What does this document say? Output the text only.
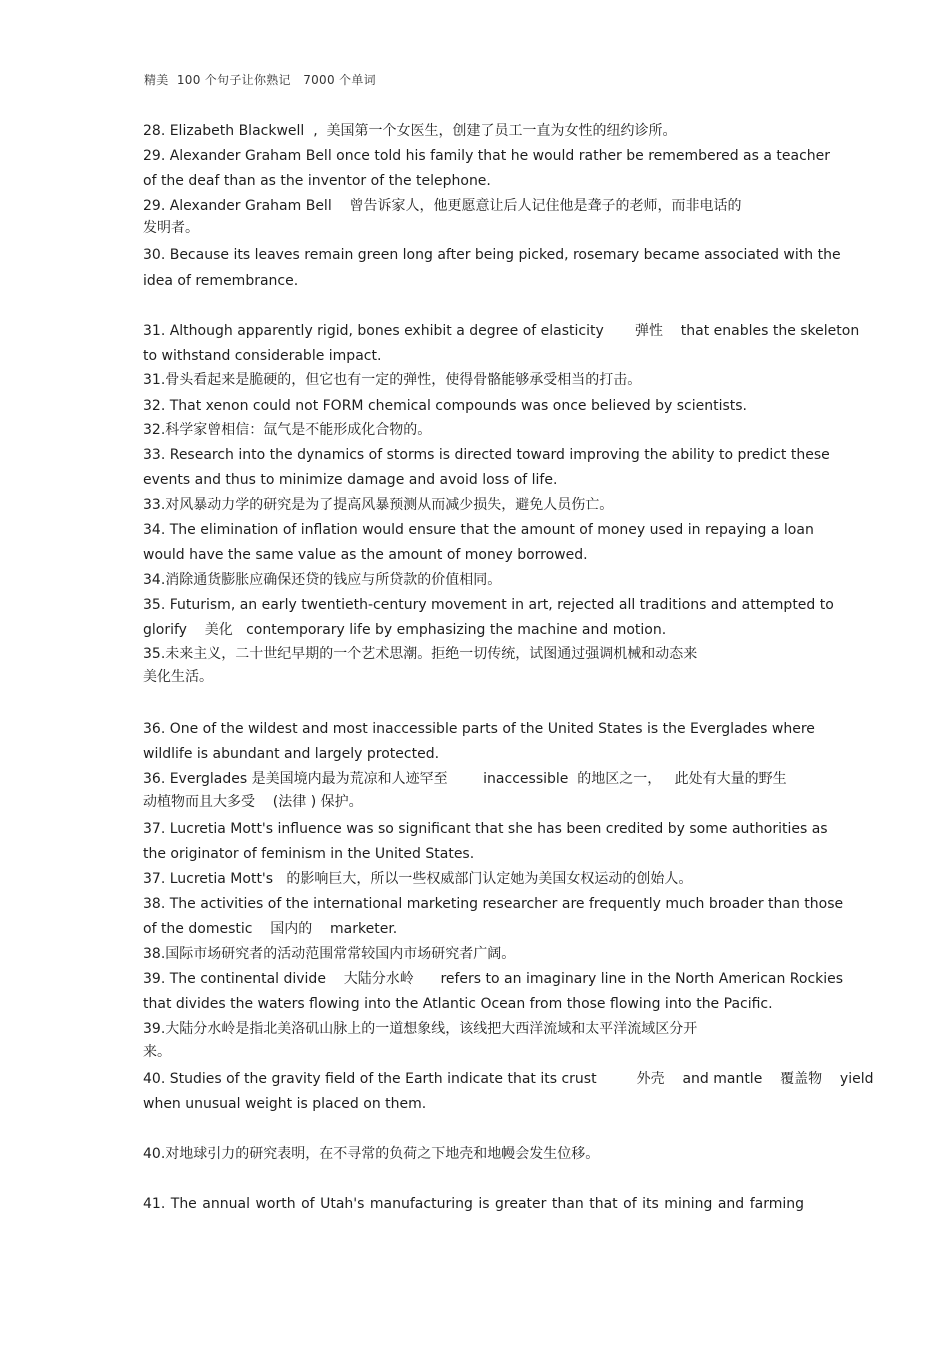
精美  100 个句子让你熟记   7000 个单词
28. Elizabeth Blackwell  ,  美国第一个女医生，创建了员工一直为女性的纽约诊所。
29. Alexander Graham Bell once told his family that he would rather be remembered as a teacher
of the deaf than as the inventor of the telephone.
29. Alexander Graham Bell    曾告诉家人，他更愿意让后人记住他是聋子的老师，而非电话的
发明者。
30. Because its leaves remain green long after being picked, rosemary became associated with the
idea of remembrance.
31. Although apparently rigid, bones exhibit a degree of elasticity       弹性    that enables the skeleton
to withstand considerable impact.
31.骨头看起来是脆硬的，但它也有一定的弹性，使得骨骼能够承受相当的打击。
32. That xenon could not FORM chemical compounds was once believed by scientists.
32.科学家曾相信：氙气是不能形成化合物的。
33. Research into the dynamics of storms is directed toward improving the ability to predict these
events and thus to minimize damage and avoid loss of life.
33.对风暴动力学的研究是为了提高风暴预测从而减少损失，避免人员伤亡。
34. The elimination of inflation would ensure that the amount of money used in repaying a loan
would have the same value as the amount of money borrowed.
34.消除通货膨胀应确保还贷的钱应与所贷款的价值相同。
35. Futurism, an early twentieth-century movement in art, rejected all traditions and attempted to
glorify    美化   contemporary life by emphasizing the machine and motion.
35.未来主义，二十世纪早期的一个艺术思潮。拒绝一切传统，试图通过强调机械和动态来
美化生活。
36. One of the wildest and most inaccessible parts of the United States is the Everglades where
wildlife is abundant and largely protected.
36. Everglades 是美国境内最为荒凉和人迹罕至        inaccessible  的地区之一，   此处有大量的野生
动植物而且大多受    (法律 ) 保护。
37. Lucretia Mott's influence was so significant that she has been credited by some authorities as
the originator of feminism in the United States.
37. Lucretia Mott's   的影响巨大，所以一些权威部门认定她为美国女权运动的创始人。
38. The activities of the international marketing researcher are frequently much broader than those
of the domestic    国内的    marketer.
38.国际市场研究者的活动范围常常较国内市场研究者广阔。
39. The continental divide    大陆分水岭      refers to an imaginary line in the North American Rockies
that divides the waters flowing into the Atlantic Ocean from those flowing into the Pacific.
39.大陆分水岭是指北美洛矶山脉上的一道想象线，该线把大西洋流域和太平洋流域区分开
来。
40. Studies of the gravity field of the Earth indicate that its crust         外壳    and mantle    覆盖物    yield
when unusual weight is placed on them.
40.对地球引力的研究表明，在不寻常的负荷之下地壳和地幔会发生位移。
41. The annual worth of Utah's manufacturing is greater than that of its mining and farming
